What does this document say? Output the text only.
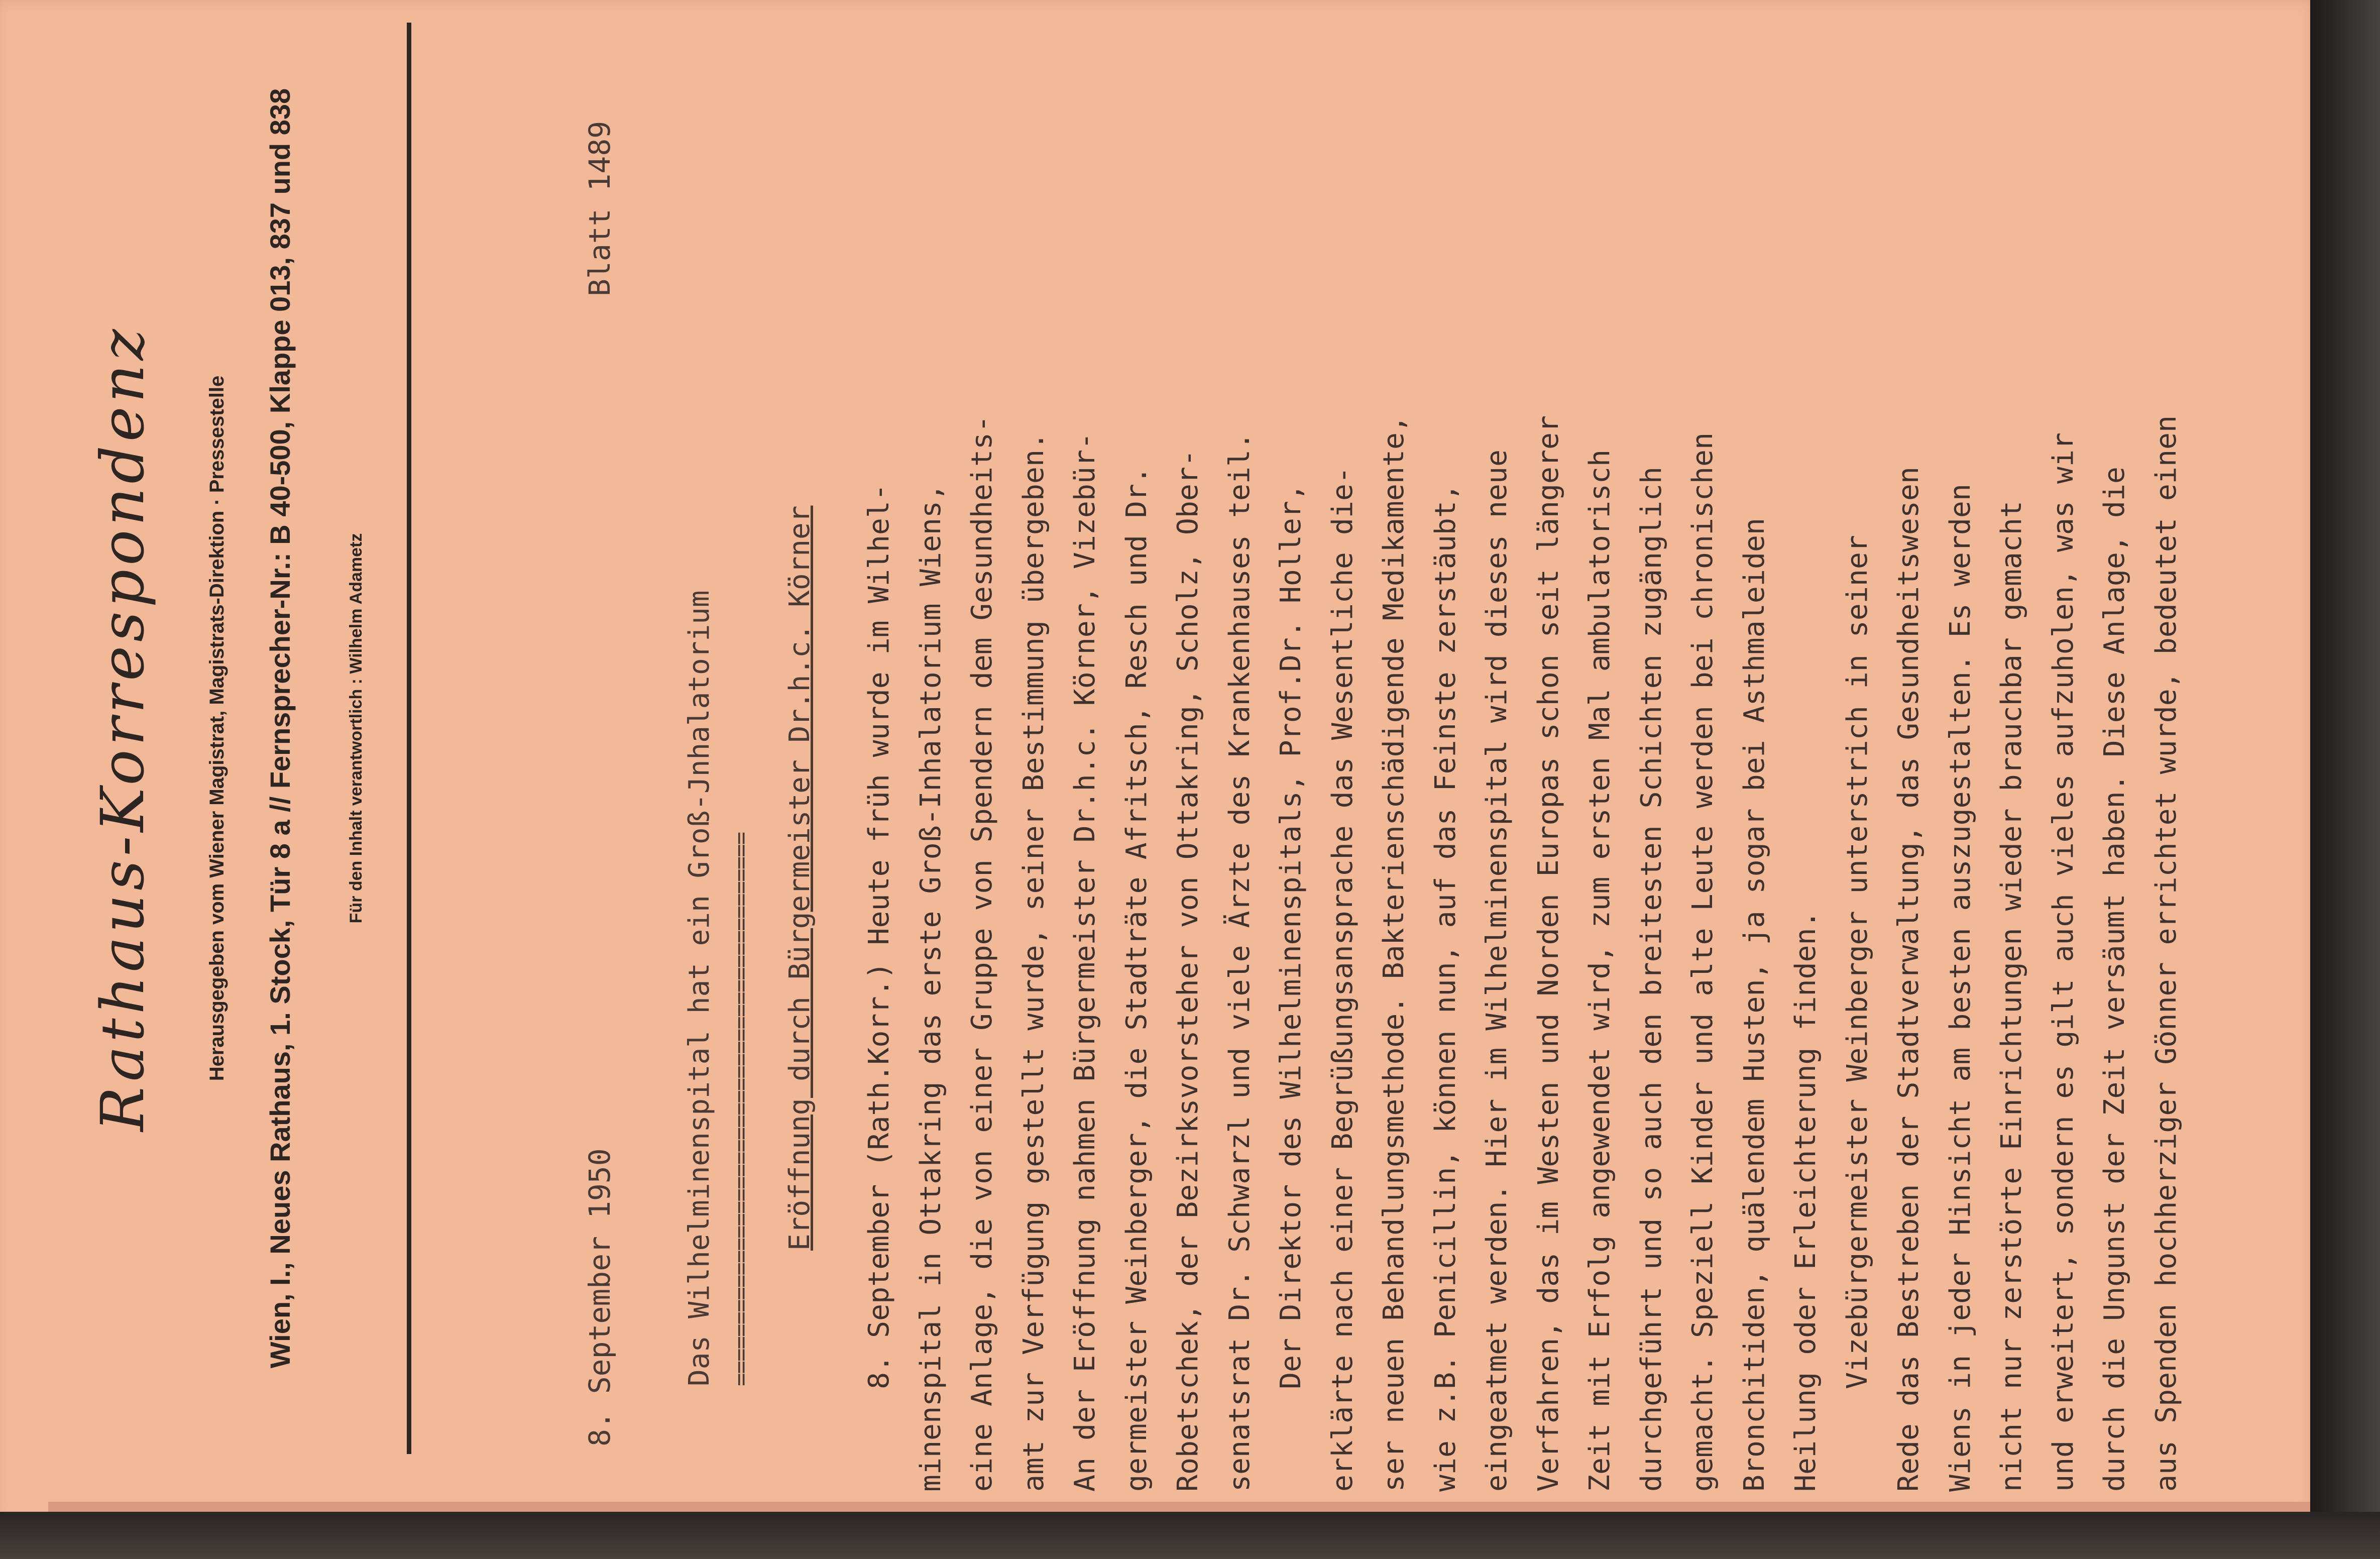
Rathaus-Korrespondenz Herausgegeben vom Wiener Magistrat, Magistrats-Direktion · Pressestelle Wien, I., Neues Rathaus, 1. Stock, Tür 8 a // Fernsprecher-Nr.: B 40-500, Klappe 013, 837 und 838	Für den Inhalt verantwortlich : Wilhelm Adametz
8. September 1950
Blatt 1489
Das Wilhelminenspital hat ein Groß-Jnhalatorium ============================================= Eröffnung durch Bürgermeister Dr.h.c. Körner	8. September (Rath.Korr.) Heute früh wurde im Wilhel- minenspital in Ottakring das erste Groß-Inhalatorium Wiens, eine Anlage, die von einer Gruppe von Spendern dem Gesundheits- amt zur Verfügung gestellt wurde, seiner Bestimmung übergeben. An der Eröffnung nahmen Bürgermeister Dr.h.c. Körner, Vizebür- germeister Weinberger, die Stadträte Afritsch, Resch und Dr. Robetschek, der Bezirksvorsteher von Ottakring, Scholz, Ober- senatsrat Dr. Schwarzl und viele Ärzte des Krankenhauses teil. Der Direktor des Wilhelminenspitals, Prof.Dr. Holler, erklärte nach einer Begrüßungsansprache das Wesentliche die- ser neuen Behandlungsmethode. Bakterienschädigende Medikamente, wie z.B. Penicillin, können nun, auf das Feinste zerstäubt, eingeatmet werden. Hier im Wilhelminenspital wird dieses neue Verfahren, das im Westen und Norden Europas schon seit längerer Zeit mit Erfolg angewendet wird, zum ersten Mal ambulatorisch durchgeführt und so auch den breitesten Schichten zugänglich gemacht. Speziell Kinder und alte Leute werden bei chronischen Bronchitiden, quälendem Husten, ja sogar bei Asthmaleiden Heilung oder Erleichterung finden. Vizebürgermeister Weinberger unterstrich in seiner Rede das Bestreben der Stadtverwaltung, das Gesundheitswesen Wiens in jeder Hinsicht am besten auszugestalten. Es werden nicht nur zerstörte Einrichtungen wieder brauchbar gemacht und erweitert, sondern es gilt auch vieles aufzuholen, was wir durch die Ungunst der Zeit versäumt haben. Diese Anlage, die aus Spenden hochherziger Gönner errichtet wurde, bedeutet einen
